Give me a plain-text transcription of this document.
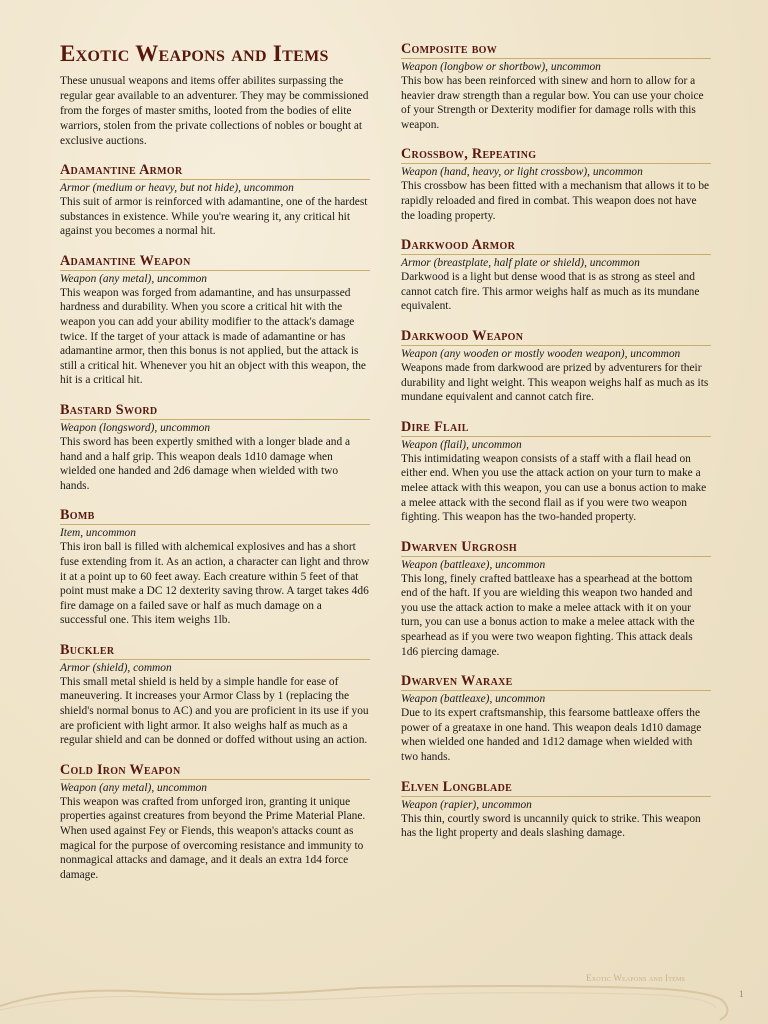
Exotic Weapons and Items

These unusual weapons and items offer abilites surpassing the regular gear available to an adventurer. They may be commissioned from the forges of master smiths, looted from the bodies of elite warriors, stolen from the private collections of nobles or bought at exclusive auctions.

Adamantine Armor

Armor (medium or heavy, but not hide), uncommon

This suit of armor is reinforced with adamantine, one of the hardest substances in existence. While you're wearing it, any critical hit against you becomes a normal hit.

Adamantine Weapon

Weapon (any metal), uncommon

This weapon was forged from adamantine, and has unsurpassed hardness and durability. When you score a critical hit with the weapon you can add your ability modifier to the attack's damage twice. If the target of your attack is made of adamantine or has adamantine armor, then this bonus is not applied, but the attack is still a critical hit. Whenever you hit an object with this weapon, the hit is a critical hit.

Bastard Sword

Weapon (longsword), uncommon

This sword has been expertly smithed with a longer blade and a hand and a half grip. This weapon deals 1d10 damage when wielded one handed and 2d6 damage when wielded with two hands.

Bomb

Item, uncommon

This iron ball is filled with alchemical explosives and has a short fuse extending from it. As an action, a character can light and throw it at a point up to 60 feet away. Each creature within 5 feet of that point must make a DC 12 dexterity saving throw. A target takes 4d6 fire damage on a failed save or half as much damage on a successful one. This item weighs 1lb.

Buckler

Armor (shield), common

This small metal shield is held by a simple handle for ease of maneuvering. It increases your Armor Class by 1 (replacing the shield's normal bonus to AC) and you are proficient in its use if you are proficient with light armor. It also weighs half as much as a regular shield and can be donned or doffed without using an action.

Cold Iron Weapon

Weapon (any metal), uncommon

This weapon was crafted from unforged iron, granting it unique properties against creatures from beyond the Prime Material Plane. When used against Fey or Fiends, this weapon's attacks count as magical for the purpose of overcoming resistance and immunity to nonmagical attacks and damage, and it deals an extra 1d4 force damage.

Composite bow

Weapon (longbow or shortbow), uncommon

This bow has been reinforced with sinew and horn to allow for a heavier draw strength than a regular bow. You can use your choice of your Strength or Dexterity modifier for damage rolls with this weapon.

Crossbow, Repeating

Weapon (hand, heavy, or light crossbow), uncommon

This crossbow has been fitted with a mechanism that allows it to be rapidly reloaded and fired in combat. This weapon does not have the loading property.

Darkwood Armor

Armor (breastplate, half plate or shield), uncommon

Darkwood is a light but dense wood that is as strong as steel and cannot catch fire. This armor weighs half as much as its mundane equivalent.

Darkwood Weapon

Weapon (any wooden or mostly wooden weapon), uncommon

Weapons made from darkwood are prized by adventurers for their durability and light weight. This weapon weighs half as much as its mundane equivalent and cannot catch fire.

Dire Flail

Weapon (flail), uncommon

This intimidating weapon consists of a staff with a flail head on either end. When you use the attack action on your turn to make a melee attack with this weapon, you can use a bonus action to make a melee attack with the second flail as if you were two weapon fighting. This weapon has the two-handed property.

Dwarven Urgrosh

Weapon (battleaxe), uncommon

This long, finely crafted battleaxe has a spearhead at the bottom end of the haft. If you are wielding this weapon two handed and you use the attack action to make a melee attack with it on your turn, you can use a bonus action to make a melee attack with the spearhead as if you were two weapon fighting. This attack deals 1d6 piercing damage.

Dwarven Waraxe

Weapon (battleaxe), uncommon

Due to its expert craftsmanship, this fearsome battleaxe offers the power of a greataxe in one hand. This weapon deals 1d10 damage when wielded one handed and 1d12 damage when wielded with two hands.

Elven Longblade

Weapon (rapier), uncommon

This thin, courtly sword is uncannily quick to strike. This weapon has the light property and deals slashing damage.

Exotic Weapons and Items
1
